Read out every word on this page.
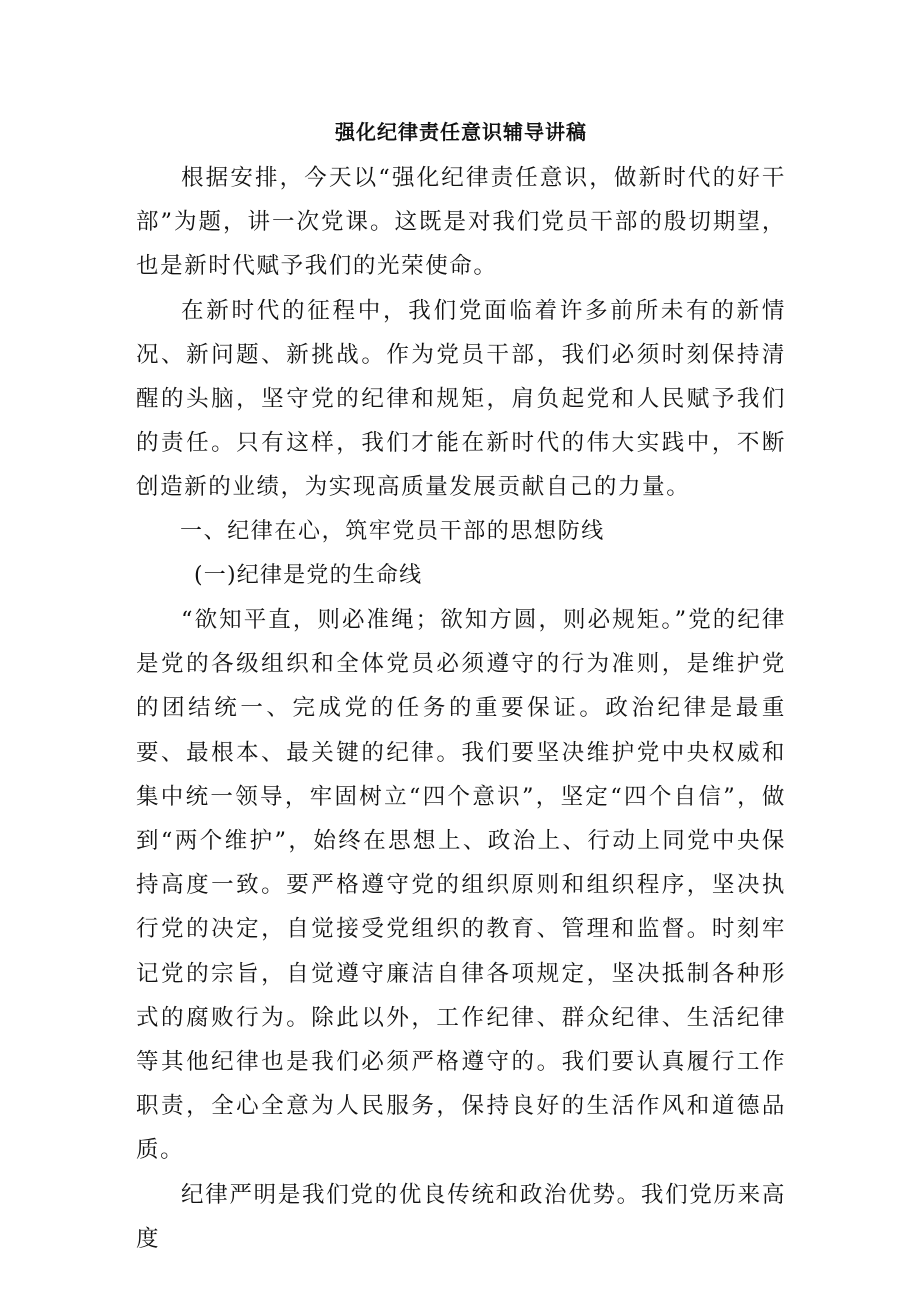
强化纪律责任意识辅导讲稿

根据安排，今天以“强化纪律责任意识，做新时代的好干部”为题，讲一次党课。这既是对我们党员干部的殷切期望，也是新时代赋予我们的光荣使命。

在新时代的征程中，我们党面临着许多前所未有的新情况、新问题、新挑战。作为党员干部，我们必须时刻保持清醒的头脑，坚守党的纪律和规矩，肩负起党和人民赋予我们的责任。只有这样，我们才能在新时代的伟大实践中，不断创造新的业绩，为实现高质量发展贡献自己的力量。

一、纪律在心，筑牢党员干部的思想防线

(一)纪律是党的生命线

“欲知平直，则必准绳；欲知方圆，则必规矩。”党的纪律是党的各级组织和全体党员必须遵守的行为准则，是维护党的团结统一、完成党的任务的重要保证。政治纪律是最重要、最根本、最关键的纪律。我们要坚决维护党中央权威和集中统一领导，牢固树立“四个意识”，坚定“四个自信”，做到“两个维护”，始终在思想上、政治上、行动上同党中央保持高度一致。要严格遵守党的组织原则和组织程序，坚决执行党的决定，自觉接受党组织的教育、管理和监督。时刻牢记党的宗旨，自觉遵守廉洁自律各项规定，坚决抵制各种形式的腐败行为。除此以外，工作纪律、群众纪律、生活纪律等其他纪律也是我们必须严格遵守的。我们要认真履行工作职责，全心全意为人民服务，保持良好的生活作风和道德品质。

纪律严明是我们党的优良传统和政治优势。我们党历来高度
